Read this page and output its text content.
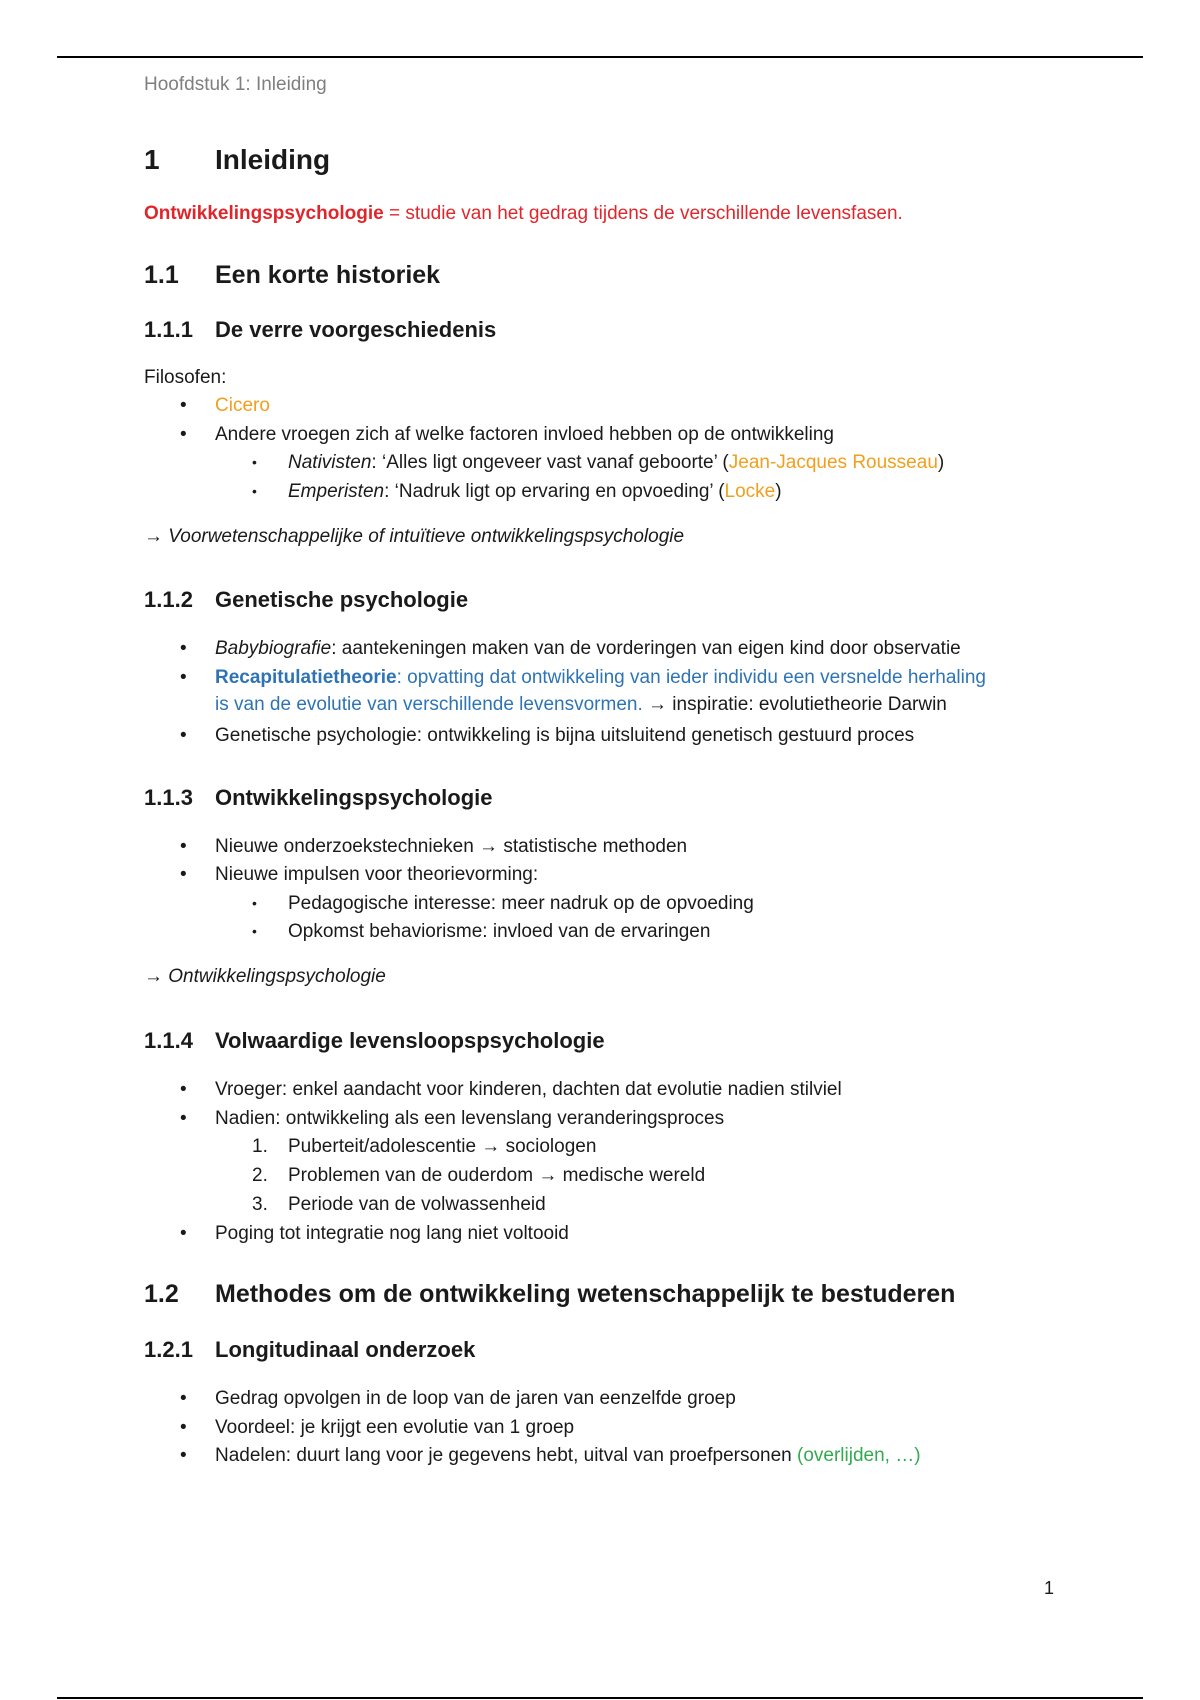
Hoofdstuk 1: Inleiding
1 Inleiding
Ontwikkelingspsychologie = studie van het gedrag tijdens de verschillende levensfasen.
1.1 Een korte historiek
1.1.1 De verre voorgeschiedenis
Filosofen:
• Cicero
• Andere vroegen zich af welke factoren invloed hebben op de ontwikkeling
• Nativisten: ‘Alles ligt ongeveer vast vanaf geboorte’ (Jean-Jacques Rousseau)
• Emperisten: ‘Nadruk ligt op ervaring en opvoeding’ (Locke)
→ Voorwetenschappelijke of intuïtieve ontwikkelingspsychologie
1.1.2 Genetische psychologie
• Babybiografie: aantekeningen maken van de vorderingen van eigen kind door observatie
• Recapitulatietheorie: opvatting dat ontwikkeling van ieder individu een versnelde herhaling
is van de evolutie van verschillende levensvormen. → inspiratie: evolutietheorie Darwin
• Genetische psychologie: ontwikkeling is bijna uitsluitend genetisch gestuurd proces
1.1.3 Ontwikkelingspsychologie
• Nieuwe onderzoekstechnieken → statistische methoden
• Nieuwe impulsen voor theorievorming:
• Pedagogische interesse: meer nadruk op de opvoeding
• Opkomst behaviorisme: invloed van de ervaringen
→ Ontwikkelingspsychologie
1.1.4 Volwaardige levensloopspsychologie
• Vroeger: enkel aandacht voor kinderen, dachten dat evolutie nadien stilviel
• Nadien: ontwikkeling als een levenslang veranderingsproces
1. Puberteit/adolescentie → sociologen
2. Problemen van de ouderdom → medische wereld
3. Periode van de volwassenheid
• Poging tot integratie nog lang niet voltooid
1.2 Methodes om de ontwikkeling wetenschappelijk te bestuderen
1.2.1 Longitudinaal onderzoek
• Gedrag opvolgen in de loop van de jaren van eenzelfde groep
• Voordeel: je krijgt een evolutie van 1 groep
• Nadelen: duurt lang voor je gegevens hebt, uitval van proefpersonen (overlijden, …)
1
